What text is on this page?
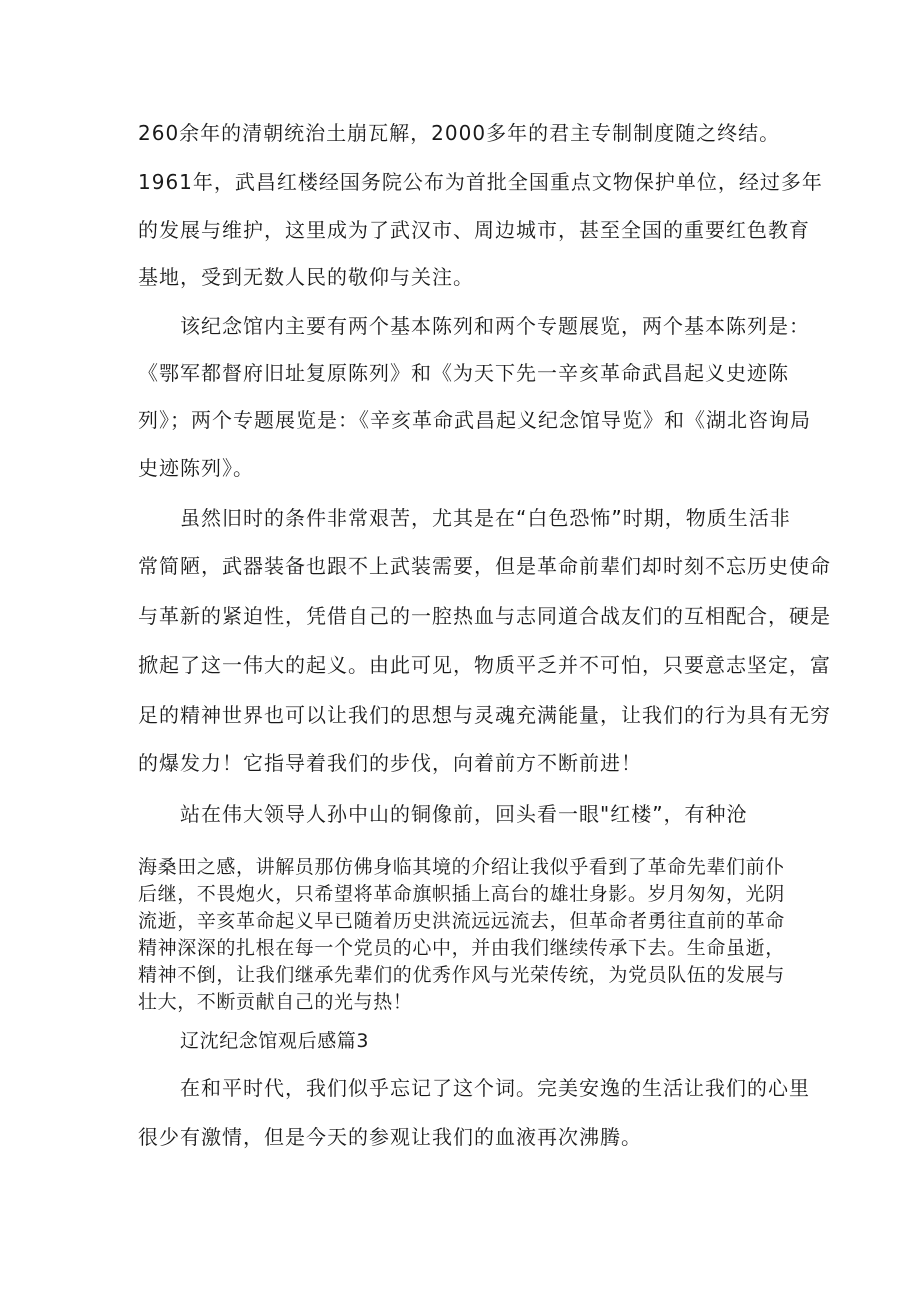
260余年的清朝统治土崩瓦解，2000多年的君主专制制度随之终结。
1961年，武昌红楼经国务院公布为首批全国重点文物保护单位，经过多年
的发展与维护，这里成为了武汉市、周边城市，甚至全国的重要红色教育
基地，受到无数人民的敬仰与关注。
该纪念馆内主要有两个基本陈列和两个专题展览，两个基本陈列是：
《鄂军都督府旧址复原陈列》和《为天下先一辛亥革命武昌起义史迹陈
列》；两个专题展览是：《辛亥革命武昌起义纪念馆导览》和《湖北咨询局
史迹陈列》。
虽然旧时的条件非常艰苦，尤其是在“白色恐怖”时期，物质生活非
常简陋，武器装备也跟不上武装需要，但是革命前辈们却时刻不忘历史使命
与革新的紧迫性，凭借自己的一腔热血与志同道合战友们的互相配合，硬是
掀起了这一伟大的起义。由此可见，物质平乏并不可怕，只要意志坚定，富
足的精神世界也可以让我们的思想与灵魂充满能量，让我们的行为具有无穷
的爆发力！它指导着我们的步伐，向着前方不断前进！
站在伟大领导人孙中山的铜像前，回头看一眼"红楼”，有种沧
海桑田之感，讲解员那仿佛身临其境的介绍让我似乎看到了革命先辈们前仆
后继，不畏炮火，只希望将革命旗帜插上高台的雄壮身影。岁月匆匆，光阴
流逝，辛亥革命起义早已随着历史洪流远远流去，但革命者勇往直前的革命
精神深深的扎根在每一个党员的心中，并由我们继续传承下去。生命虽逝，
精神不倒，让我们继承先辈们的优秀作风与光荣传统，为党员队伍的发展与
壮大，不断贡献自己的光与热！
辽沈纪念馆观后感篇3
在和平时代，我们似乎忘记了这个词。完美安逸的生活让我们的心里
很少有激情，但是今天的参观让我们的血液再次沸腾。
